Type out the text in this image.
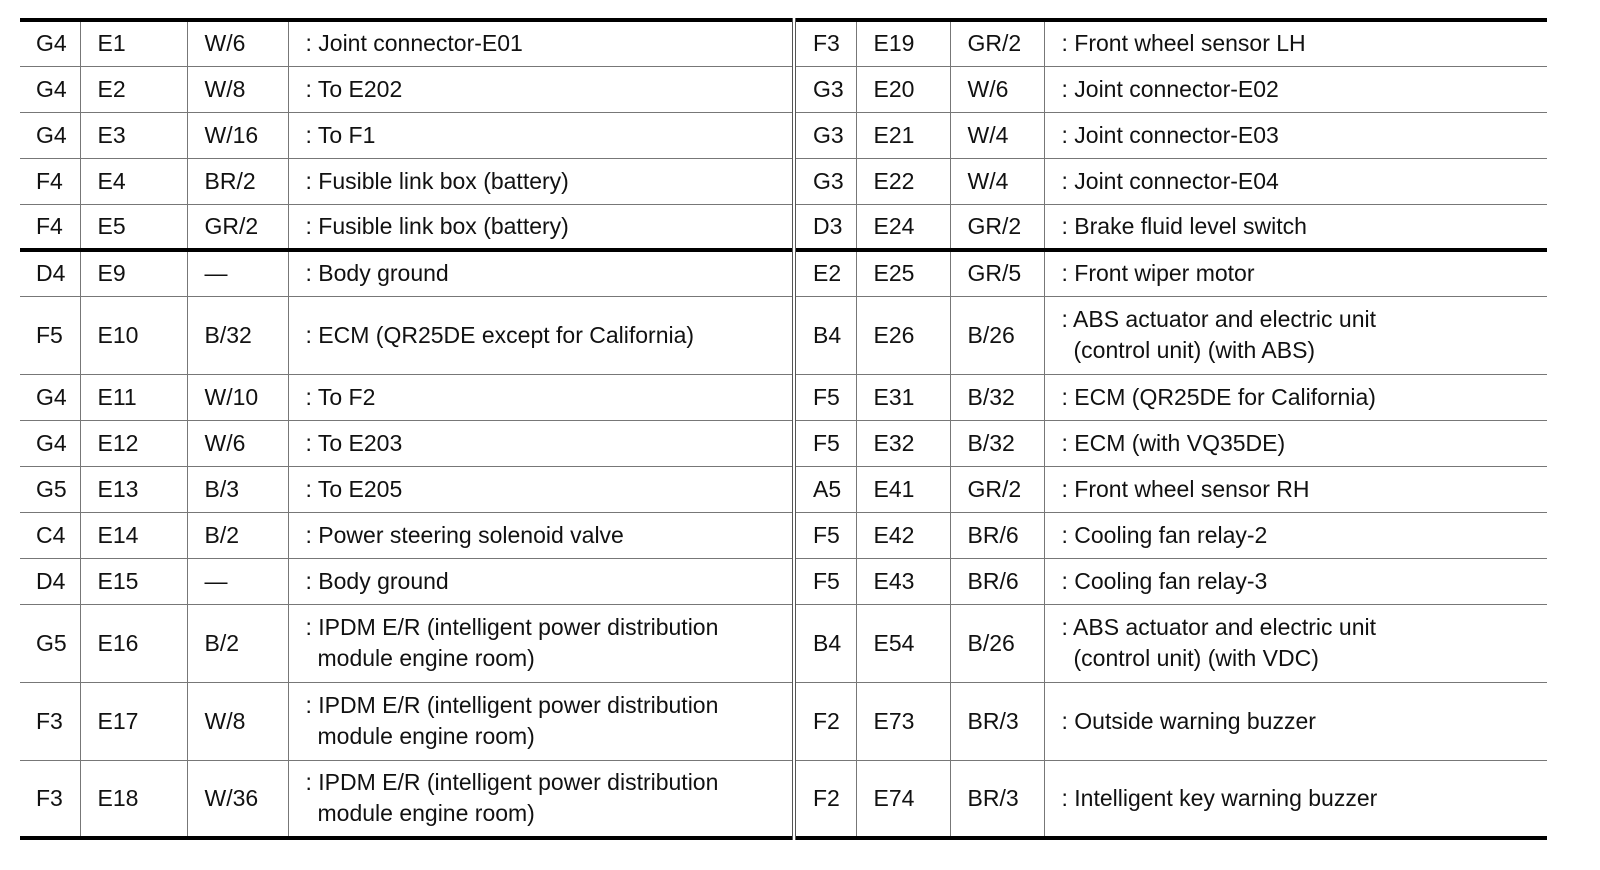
G4	E1	W/6	: Joint connector-E01	F3	E19	GR/2	: Front wheel sensor LH

G4	E2	W/8	: To E202	G3	E20	W/6	: Joint connector-E02

G4	E3	W/16	: To F1	G3	E21	W/4	: Joint connector-E03

F4	E4	BR/2	: Fusible link box (battery)	G3	E22	W/4	: Joint connector-E04

F4	E5	GR/2	: Fusible link box (battery)	D3	E24	GR/2	: Brake fluid level switch

D4	E9	—	: Body ground	E2	E25	GR/5	: Front wiper motor

F5	E10	B/32	: ECM (QR25DE except for California)	B4	E26	B/26	: ABS actuator and electric unit
(control unit) (with ABS)

G4	E11	W/10	: To F2	F5	E31	B/32	: ECM (QR25DE for California)

G4	E12	W/6	: To E203	F5	E32	B/32	: ECM (with VQ35DE)

G5	E13	B/3	: To E205	A5	E41	GR/2	: Front wheel sensor RH

C4	E14	B/2	: Power steering solenoid valve	F5	E42	BR/6	: Cooling fan relay-2

D4	E15	—	: Body ground	F5	E43	BR/6	: Cooling fan relay-3

G5	E16	B/2	: IPDM E/R (intelligent power distribution
module engine room)	B4	E54	B/26	: ABS actuator and electric unit
(control unit) (with VDC)

F3	E17	W/8	: IPDM E/R (intelligent power distribution
module engine room)	F2	E73	BR/3	: Outside warning buzzer

F3	E18	W/36	: IPDM E/R (intelligent power distribution
module engine room)	F2	E74	BR/3	: Intelligent key warning buzzer
